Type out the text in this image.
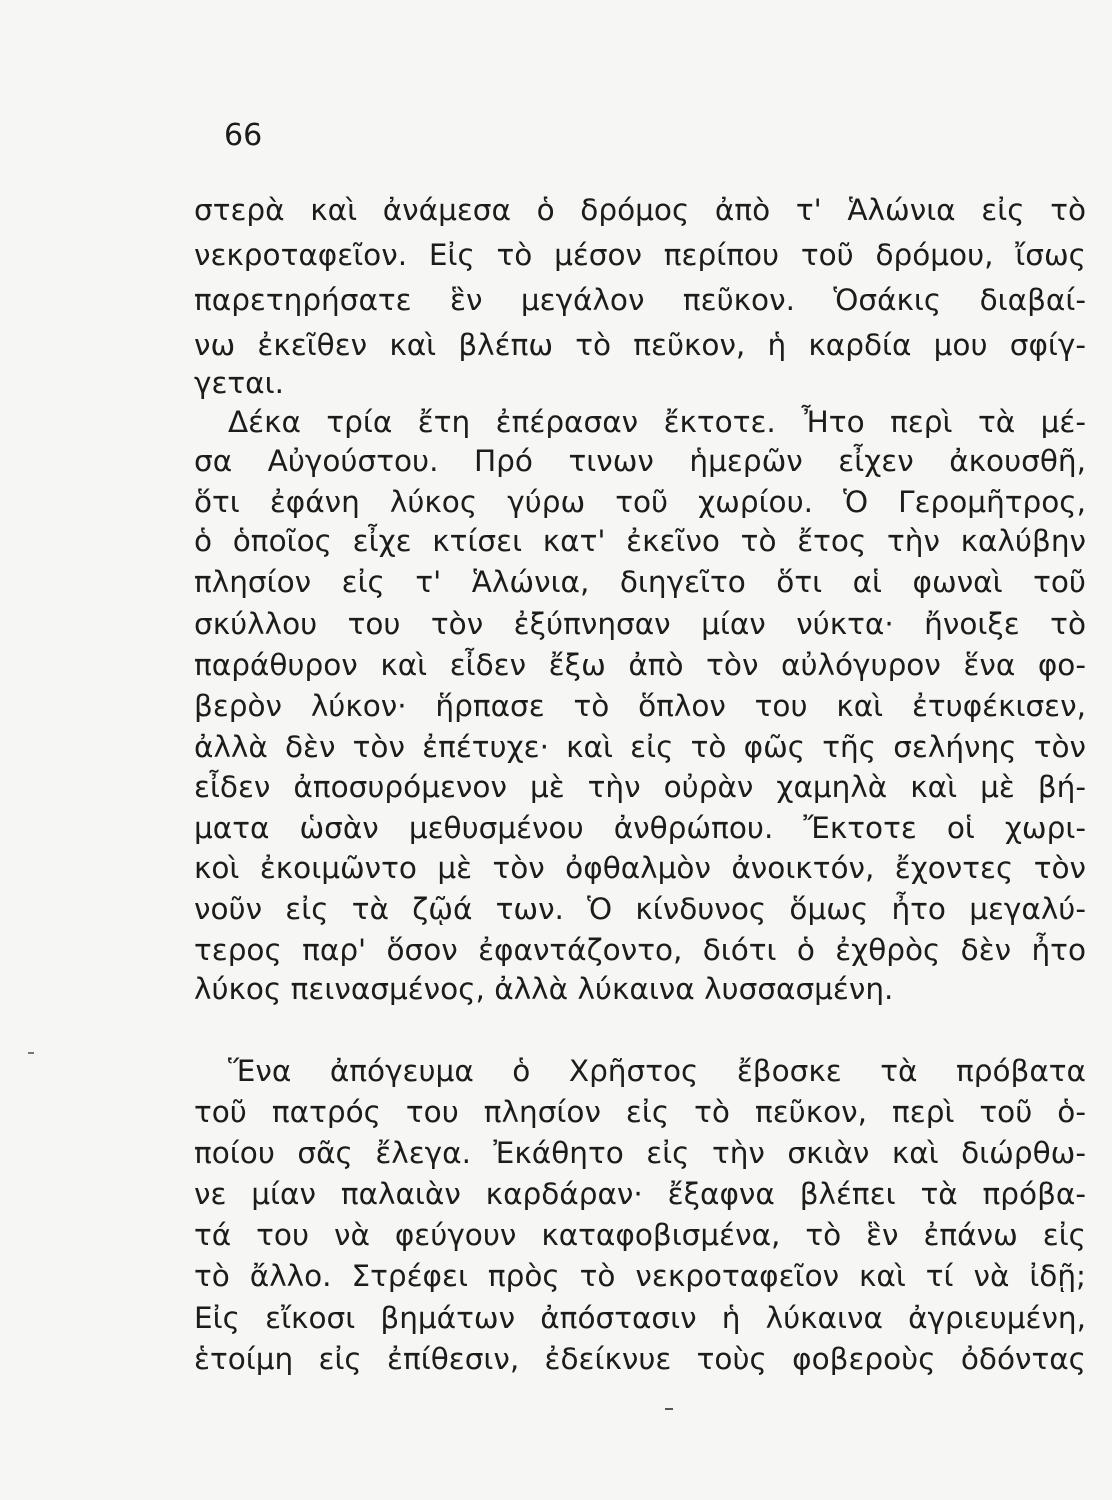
66
στερὰ καὶ ἀνάμεσα ὁ δρόμος ἀπὸ τ' Ἁλώνια εἰς τὸ
νεκροταφεῖον. Εἰς τὸ μέσον περίπου τοῦ δρόμου, ἴσως
παρετηρήσατε ἓν μεγάλον πεῦκον. Ὁσάκις διαβαί-
νω ἐκεῖθεν καὶ βλέπω τὸ πεῦκον, ἡ καρδία μου σφίγ-
γεται.
Δέκα τρία ἔτη ἐπέρασαν ἔκτοτε. Ἦτο περὶ τὰ μέ-
σα Αὐγούστου. Πρό τινων ἡμερῶν εἶχεν ἀκουσθῆ,
ὅτι ἐφάνη λύκος γύρω τοῦ χωρίου. Ὁ Γερομῆτρος,
ὁ ὁποῖος εἶχε κτίσει κατ' ἐκεῖνο τὸ ἔτος τὴν καλύβην
πλησίον εἰς τ' Ἁλώνια, διηγεῖτο ὅτι αἱ φωναὶ τοῦ
σκύλλου του τὸν ἐξύπνησαν μίαν νύκτα· ἤνοιξε τὸ
παράθυρον καὶ εἶδεν ἔξω ἀπὸ τὸν αὐλόγυρον ἕνα φο-
βερὸν λύκον· ἥρπασε τὸ ὅπλον του καὶ ἐτυφέκισεν,
ἀλλὰ δὲν τὸν ἐπέτυχε· καὶ εἰς τὸ φῶς τῆς σελήνης τὸν
εἶδεν ἀποσυρόμενον μὲ τὴν οὐρὰν χαμηλὰ καὶ μὲ βή-
ματα ὡσὰν μεθυσμένου ἀνθρώπου. Ἔκτοτε οἱ χωρι-
κοὶ ἐκοιμῶντο μὲ τὸν ὀφθαλμὸν ἀνοικτόν, ἔχοντες τὸν
νοῦν εἰς τὰ ζῷά των. Ὁ κίνδυνος ὅμως ἦτο μεγαλύ-
τερος παρ' ὅσον ἐφαντάζοντο, διότι ὁ ἐχθρὸς δὲν ἦτο
λύκος πεινασμένος, ἀλλὰ λύκαινα λυσσασμένη.
Ἕνα ἀπόγευμα ὁ Χρῆστος ἔβοσκε τὰ πρόβατα
τοῦ πατρός του πλησίον εἰς τὸ πεῦκον, περὶ τοῦ ὁ-
ποίου σᾶς ἔλεγα. Ἐκάθητο εἰς τὴν σκιὰν καὶ διώρθω-
νε μίαν παλαιὰν καρδάραν· ἔξαφνα βλέπει τὰ πρόβα-
τά του νὰ φεύγουν καταφοβισμένα, τὸ ἓν ἐπάνω εἰς
τὸ ἄλλο. Στρέφει πρὸς τὸ νεκροταφεῖον καὶ τί νὰ ἰδῇ;
Εἰς εἴκοσι βημάτων ἀπόστασιν ἡ λύκαινα ἀγριευμένη,
ἑτοίμη εἰς ἐπίθεσιν, ἐδείκνυε τοὺς φοβεροὺς ὀδόντας
